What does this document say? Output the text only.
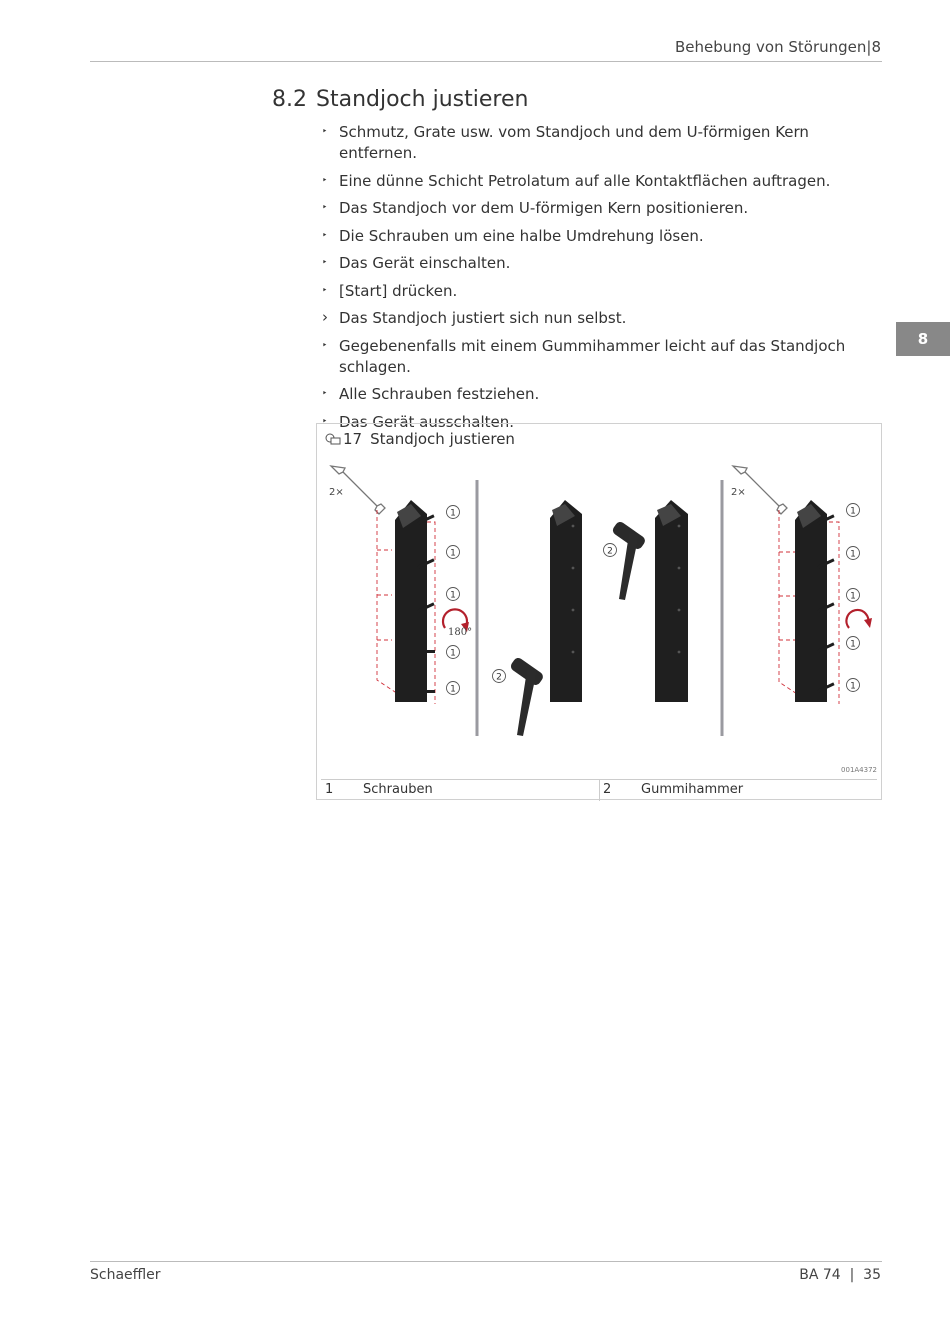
Behebung von Störungen|8
8.2 Standjoch justieren
‣ Schmutz, Grate usw. vom Standjoch und dem U-förmigen Kern entfernen.
‣ Eine dünne Schicht Petrolatum auf alle Kontaktflächen auftragen.
‣ Das Standjoch vor dem U-förmigen Kern positionieren.
‣ Die Schrauben um eine halbe Umdrehung lösen.
‣ Das Gerät einschalten.
‣ [Start] drücken.
› Das Standjoch justiert sich nun selbst.
‣ Gegebenenfalls mit einem Gummihammer leicht auf das Standjoch schlagen.
‣ Alle Schrauben festziehen.
‣ Das Gerät ausschalten.
8
17 Standjoch justieren
2×
1
1
1
1
1
180°
2
2
2×
1
1
1
1
1
001A4372
1 Schrauben	2 Gummihammer
Schaeffler	BA 74  |  35
